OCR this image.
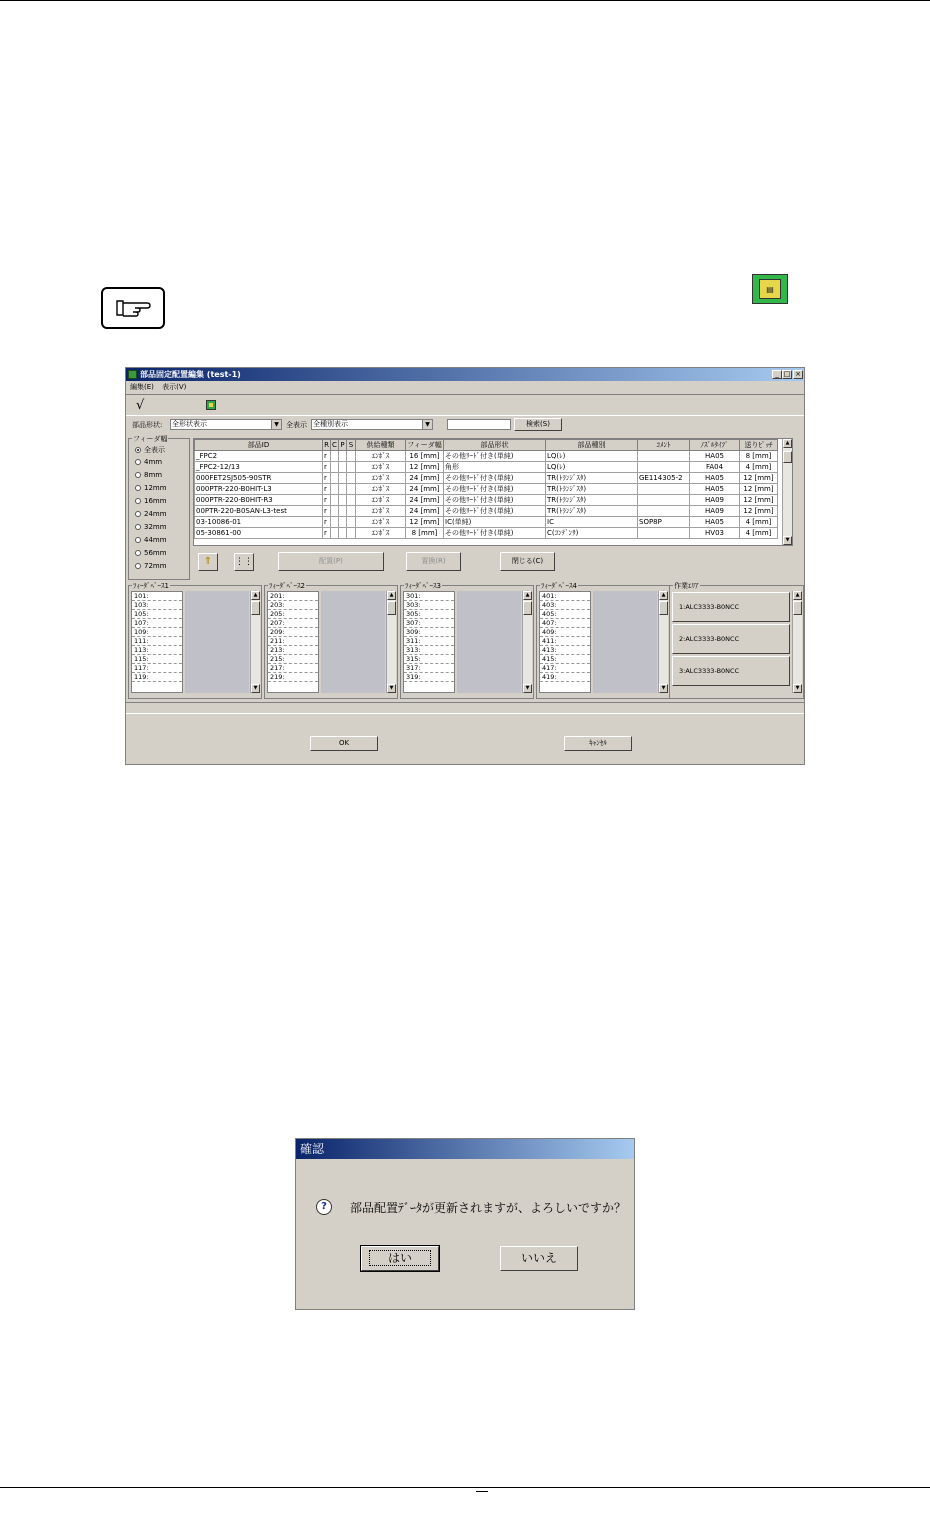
▤
部品固定配置編集 (test-1)	_ □ ×
編集(E) 表示(V)
√
部品形状: 全形状表示	▼	全表示 全種別表示	▼	検索(S)
フィーダ幅
全表示
4mm
8mm
12mm
16mm
24mm
32mm
44mm
56mm
72mm
部品ID	R	C	P	S	供給種類	フィーダ幅	部品形状	部品種別	ｺﾒﾝﾄ	ﾉｽﾞﾙﾀｲﾌﾟ	送りﾋﾟｯﾁ
_FPC2	r				ｴﾝﾎﾞｽ	16 [mm]	その他ﾘｰﾄﾞ付き(単純)	LQ(ﾚ)		HA05	8 [mm]
_FPC2-12/13	r				ｴﾝﾎﾞｽ	12 [mm]	角形	LQ(ﾚ)		FA04	4 [mm]
000FET2SJ505-90STR	r				ｴﾝﾎﾞｽ	24 [mm]	その他ﾘｰﾄﾞ付き(単純)	TR(ﾄﾗﾝｼﾞｽﾀ)	GE114305-2	HA05	12 [mm]
000PTR-220-B0HIT-L3	r				ｴﾝﾎﾞｽ	24 [mm]	その他ﾘｰﾄﾞ付き(単純)	TR(ﾄﾗﾝｼﾞｽﾀ)		HA05	12 [mm]
000PTR-220-B0HIT-R3	r				ｴﾝﾎﾞｽ	24 [mm]	その他ﾘｰﾄﾞ付き(単純)	TR(ﾄﾗﾝｼﾞｽﾀ)		HA09	12 [mm]
00PTR-220-B0SAN-L3-test	r				ｴﾝﾎﾞｽ	24 [mm]	その他ﾘｰﾄﾞ付き(単純)	TR(ﾄﾗﾝｼﾞｽﾀ)		HA09	12 [mm]
03-10086-01	r				ｴﾝﾎﾞｽ	12 [mm]	IC(単純)	IC	SOP8P	HA05	4 [mm]
05-30861-00	r				ｴﾝﾎﾞｽ	8 [mm]	その他ﾘｰﾄﾞ付き(単純)	C(ｺﾝﾃﾞﾝｻ)		HV03	4 [mm]
▲
▼
⇑	⋮⋮	配置(P)	置換(R)	閉じる(C)
ﾌｨｰﾀﾞﾍﾞｰｽ1
101:
103:
105:
107:
109:
111:
113:
115:
117:
119:
▲
▼
ﾌｨｰﾀﾞﾍﾞｰｽ2
201:
203:
205:
207:
209:
211:
213:
215:
217:
219:
▲
▼
ﾌｨｰﾀﾞﾍﾞｰｽ3
301:
303:
305:
307:
309:
311:
313:
315:
317:
319:
▲
▼
ﾌｨｰﾀﾞﾍﾞｰｽ4
401:
403:
405:
407:
409:
411:
413:
415:
417:
419:
▲
▼
作業ｴﾘｱ
1:ALC3333-B0NCC
2:ALC3333-B0NCC
3:ALC3333-B0NCC
▲
▼
OK	ｷｬﾝｾﾙ
確認
?	部品配置ﾃﾞｰﾀが更新されますが、よろしいですか？
はい	いいえ
